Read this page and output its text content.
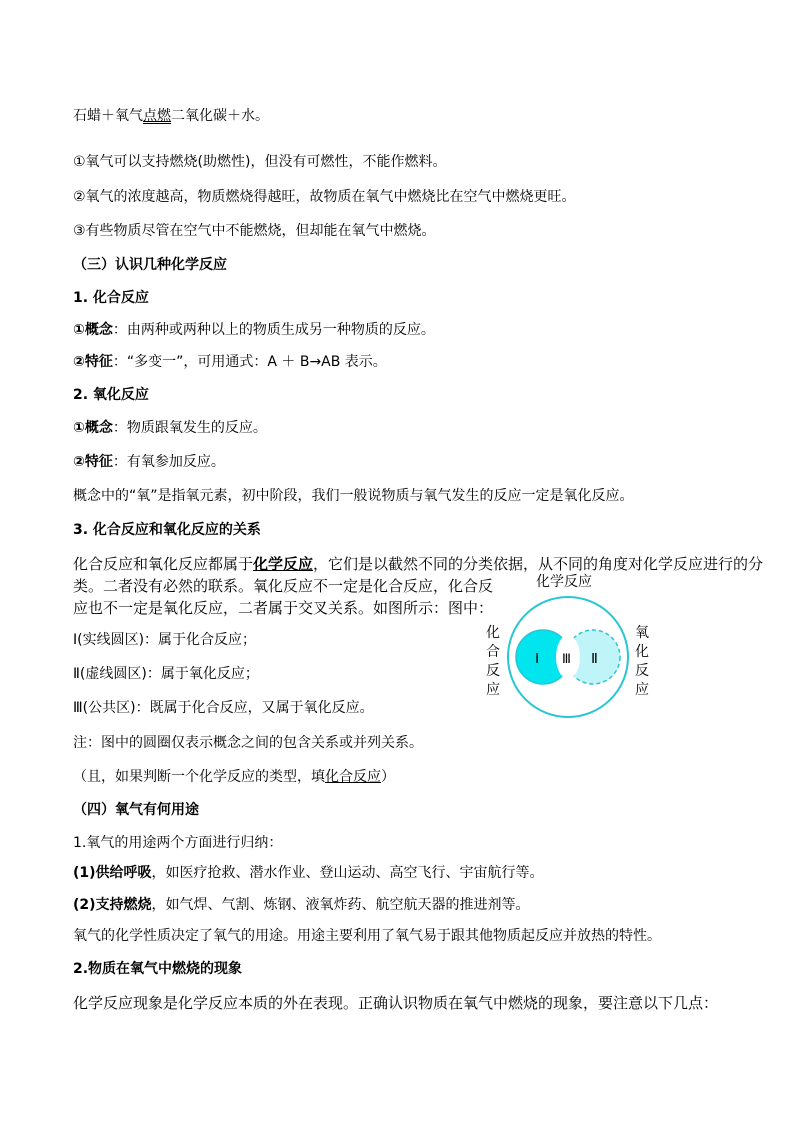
石蜡＋氧气点燃二氧化碳＋水。
①氧气可以支持燃烧(助燃性)，但没有可燃性，不能作燃料。
②氧气的浓度越高，物质燃烧得越旺，故物质在氧气中燃烧比在空气中燃烧更旺。
③有些物质尽管在空气中不能燃烧，但却能在氧气中燃烧。
（三）认识几种化学反应
1. 化合反应
①概念：由两种或两种以上的物质生成另一种物质的反应。
②特征：“多变一”，可用通式：A ＋ B→AB 表示。
2. 氧化反应
①概念：物质跟氧发生的反应。
②特征：有氧参加反应。
概念中的“氧”是指氧元素，初中阶段，我们一般说物质与氧气发生的反应一定是氧化反应。
3. 化合反应和氧化反应的关系
化合反应和氧化反应都属于化学反应，它们是以截然不同的分类依据，从不同的角度对化学反应进行的分
类。二者没有必然的联系。氧化反应不一定是化合反应，化合反
应也不一定是氧化反应，二者属于交叉关系。如图所示：图中：
Ⅰ(实线圆区)：属于化合反应；
Ⅱ(虚线圆区)：属于氧化反应；
Ⅲ(公共区)：既属于化合反应，又属于氧化反应。
注：图中的圆圈仅表示概念之间的包含关系或并列关系。
（且，如果判断一个化学反应的类型，填化合反应）
（四）氧气有何用途
1.氧气的用途两个方面进行归纳：
(1)供给呼吸，如医疗抢救、潜水作业、登山运动、高空飞行、宇宙航行等。
(2)支持燃烧，如气焊、气割、炼钢、液氧炸药、航空航天器的推进剂等。
氧气的化学性质决定了氧气的用途。用途主要利用了氧气易于跟其他物质起反应并放热的特性。
2.物质在氧气中燃烧的现象
化学反应现象是化学反应本质的外在表现。正确认识物质在氧气中燃烧的现象，要注意以下几点：
Ⅰ Ⅲ Ⅱ
化学反应
化
合
反
应
氧
化
反
应
